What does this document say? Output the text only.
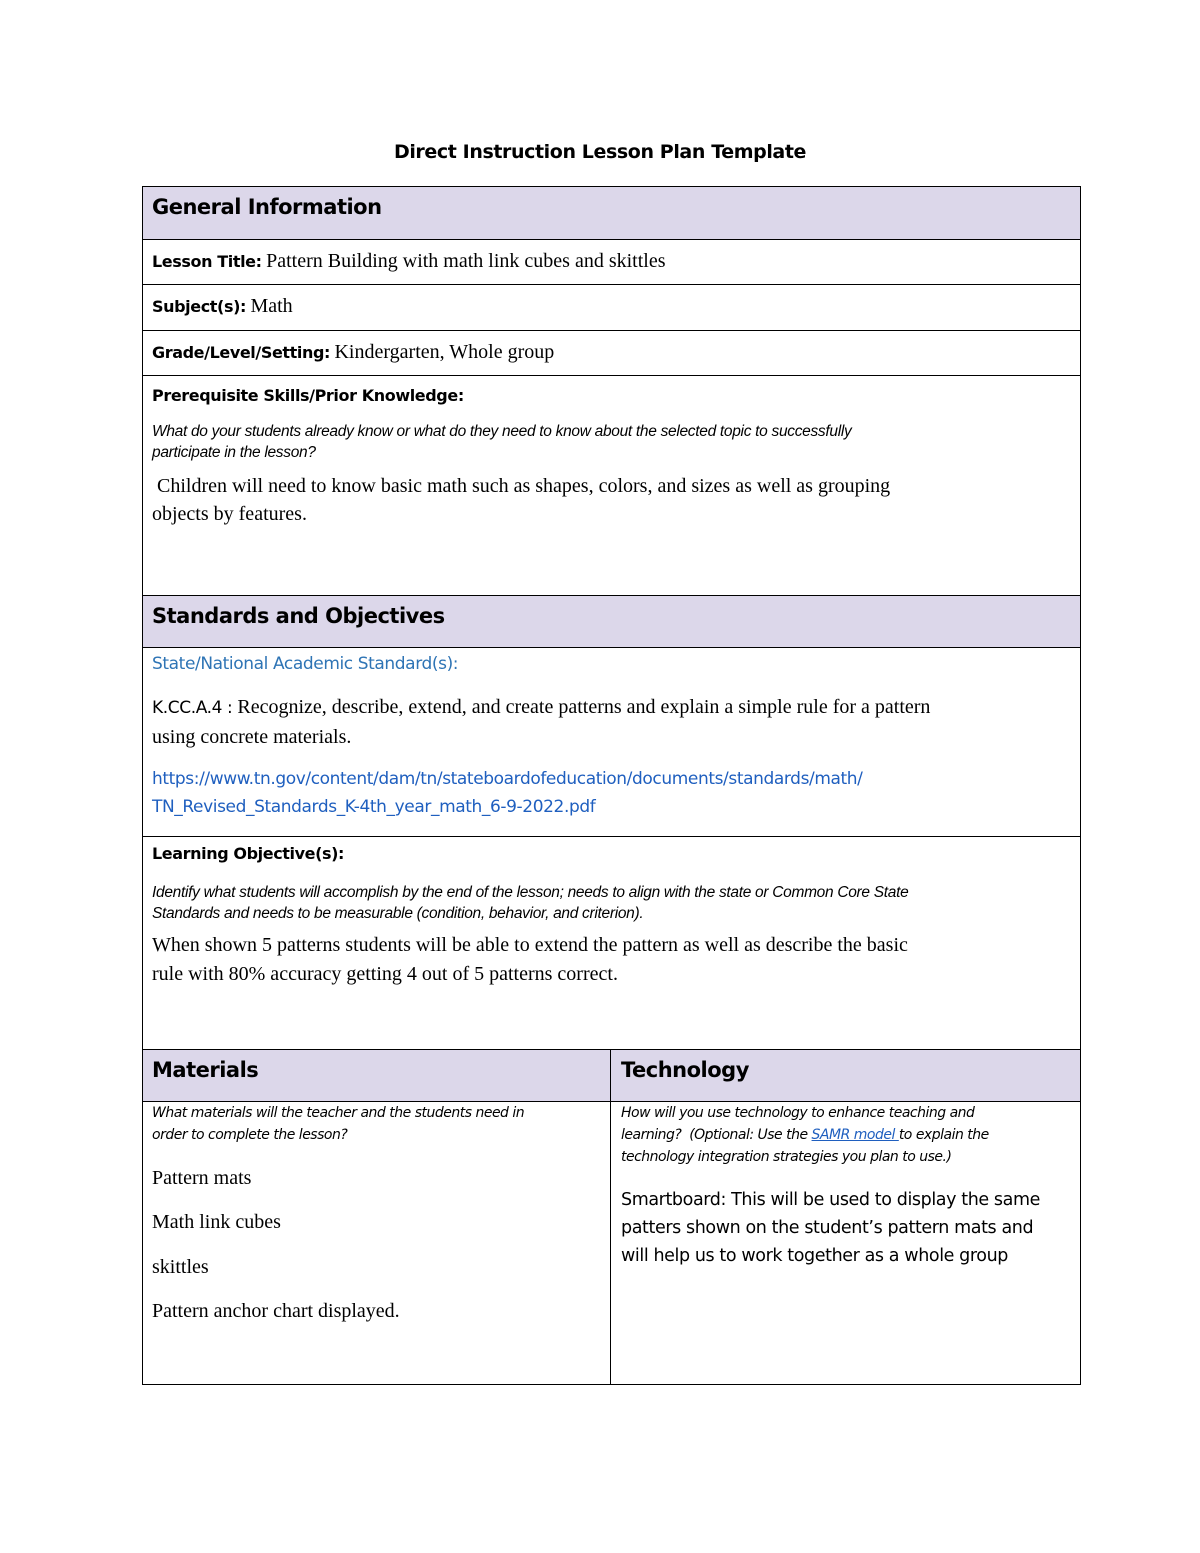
Direct Instruction Lesson Plan Template
General Information
Lesson Title: Pattern Building with math link cubes and skittles
Subject(s): Math
Grade/Level/Setting: Kindergarten, Whole group
Prerequisite Skills/Prior Knowledge:
What do your students already know or what do they need to know about the selected topic to successfully
participate in the lesson?
Children will need to know basic math such as shapes, colors, and sizes as well as grouping
objects by features.
Standards and Objectives
State/National Academic Standard(s):
K.CC.A.4 : Recognize, describe, extend, and create patterns and explain a simple rule for a pattern
using concrete materials.
https://www.tn.gov/content/dam/tn/stateboardofeducation/documents/standards/math/
TN_Revised_Standards_K-4th_year_math_6-9-2022.pdf
Learning Objective(s):
Identify what students will accomplish by the end of the lesson; needs to align with the state or Common Core State
Standards and needs to be measurable (condition, behavior, and criterion).
When shown 5 patterns students will be able to extend the pattern as well as describe the basic
rule with 80% accuracy getting 4 out of 5 patterns correct.
Materials	Technology
What materials will the teacher and the students need in
order to complete the lesson?
Pattern mats
Math link cubes
skittles
Pattern anchor chart displayed.
How will you use technology to enhance teaching and
learning?  (Optional: Use the SAMR model to explain the
technology integration strategies you plan to use.)
Smartboard: This will be used to display the same
patters shown on the student’s pattern mats and
will help us to work together as a whole group
